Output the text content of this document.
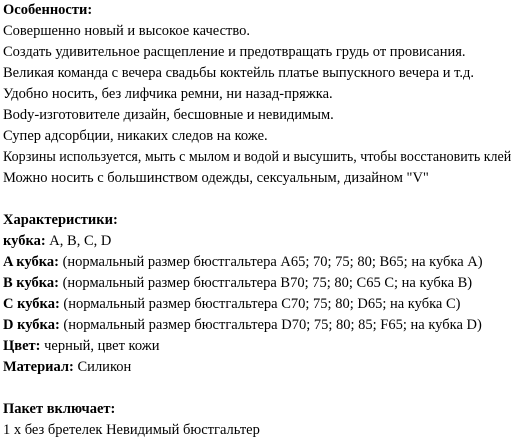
Особенности:
Совершенно новый и высокое качество.
Создать удивительное расщепление и предотвращать грудь от провисания.
Великая команда с вечера свадьбы коктейль платье выпускного вечера и т.д.
Удобно носить, без лифчика ремни, ни назад-пряжка.
Body-изготовителе дизайн, бесшовные и невидимым.
Супер адсорбции, никаких следов на коже.
Корзины используется, мыть с мылом и водой и высушить, чтобы восстановить клей
Можно носить с большинством одежды, сексуальным, дизайном "V"
Характеристики:
кубка: A, B, C, D
A кубка: (нормальный размер бюстгальтера A65; 70; 75; 80; B65; на кубка A)
B кубка: (нормальный размер бюстгальтера B70; 75; 80; C65 C; на кубка B)
C кубка: (нормальный размер бюстгальтера C70; 75; 80; D65; на кубка C)
D кубка: (нормальный размер бюстгальтера D70; 75; 80; 85; F65; на кубка D)
Цвет: черный, цвет кожи
Материал: Силикон
Пакет включает:
1 х без бретелек Невидимый бюстгальтер
